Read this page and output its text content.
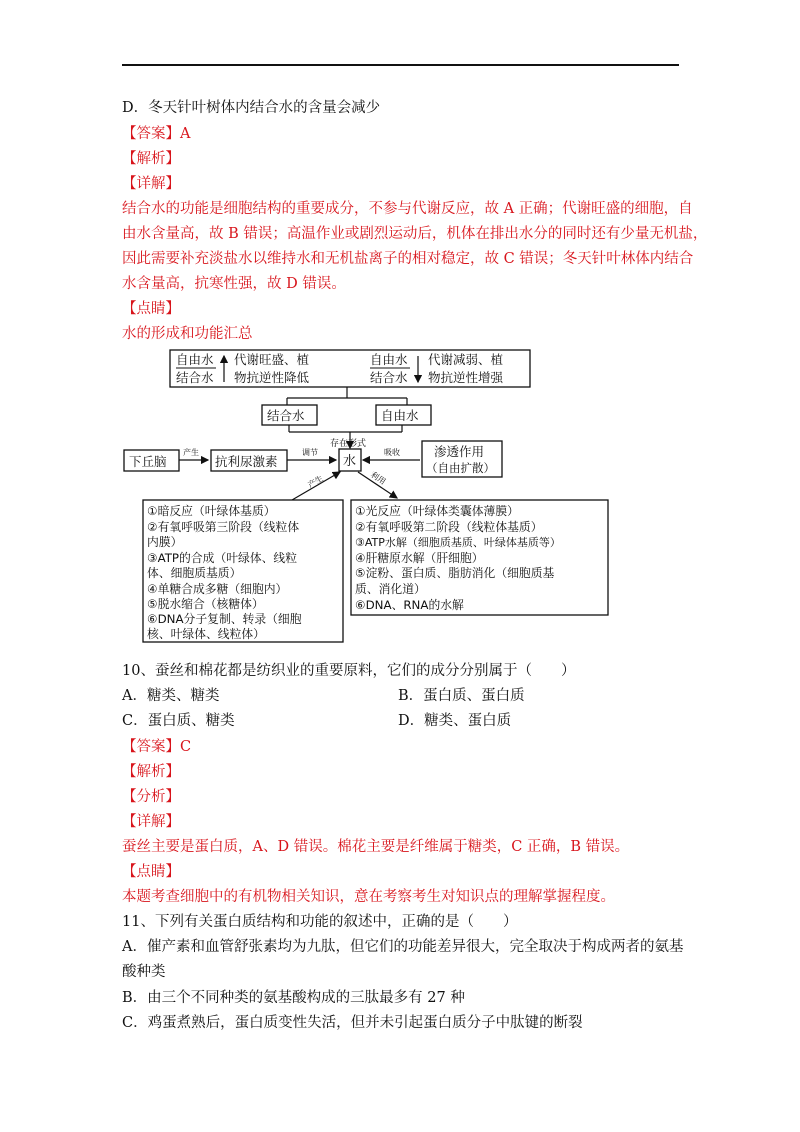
D．冬天针叶树体内结合水的含量会减少
【答案】A
【解析】
【详解】
结合水的功能是细胞结构的重要成分，不参与代谢反应，故 A 正确；代谢旺盛的细胞，自
由水含量高，故 B 错误；高温作业或剧烈运动后，机体在排出水分的同时还有少量无机盐，
因此需要补充淡盐水以维持水和无机盐离子的相对稳定，故 C 错误；冬天针叶林体内结合
水含量高，抗寒性强，故 D 错误。
【点睛】
水的形成和功能汇总
自由水
结合水
代谢旺盛、植
物抗逆性降低
自由水
结合水
代谢减弱、植
物抗逆性增强
结合水	自由水
下丘脑
产生
抗利尿激素
调节
存在形式
水
吸收	渗透作用
（自由扩散）
产生	利用
①暗反应（叶绿体基质）
②有氧呼吸第三阶段（线粒体
内膜）
③ATP的合成（叶绿体、线粒
体、细胞质基质）
④单糖合成多糖（细胞内）
⑤脱水缩合（核糖体）
⑥DNA分子复制、转录（细胞
核、叶绿体、线粒体）
①光反应（叶绿体类囊体薄膜）
②有氧呼吸第二阶段（线粒体基质）
③ATP水解（细胞质基质、叶绿体基质等）
④肝糖原水解（肝细胞）
⑤淀粉、蛋白质、脂肪消化（细胞质基
质、消化道）
⑥DNA、RNA的水解
10、蚕丝和棉花都是纺织业的重要原料，它们的成分分别属于（　　）
A．糖类、糖类	B．蛋白质、蛋白质
C．蛋白质、糖类	D．糖类、蛋白质
【答案】C
【解析】
【分析】
【详解】
蚕丝主要是蛋白质，A、D 错误。棉花主要是纤维属于糖类，C 正确，B 错误。
【点睛】
本题考查细胞中的有机物相关知识，意在考察考生对知识点的理解掌握程度。
11、下列有关蛋白质结构和功能的叙述中，正确的是（　　）
A．催产素和血管舒张素均为九肽，但它们的功能差异很大，完全取决于构成两者的氨基
酸种类
B．由三个不同种类的氨基酸构成的三肽最多有 27 种
C．鸡蛋煮熟后，蛋白质变性失活，但并未引起蛋白质分子中肽键的断裂
